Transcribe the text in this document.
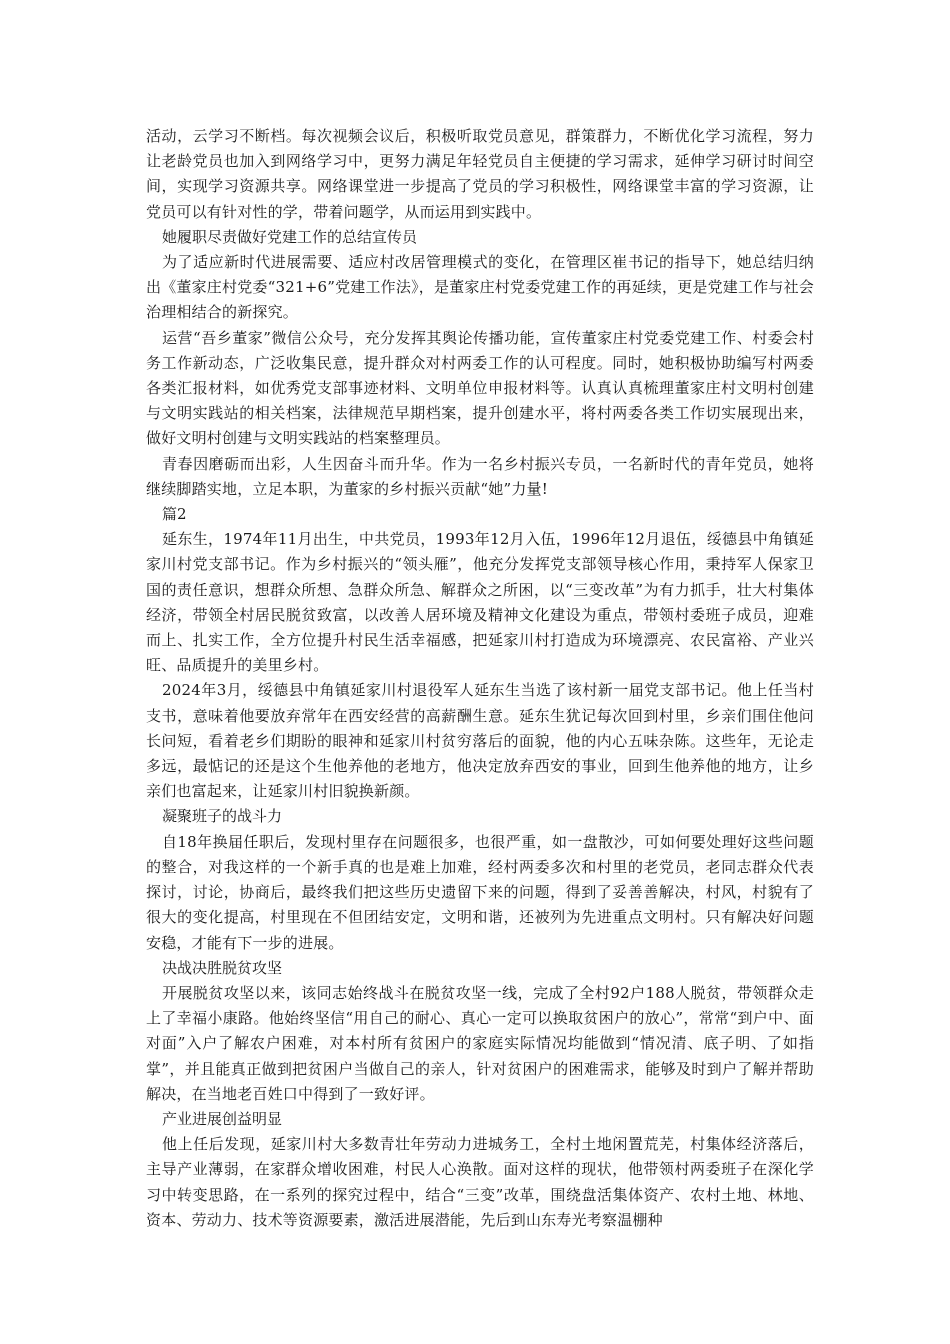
活动，云学习不断档。每次视频会议后，积极听取党员意见，群策群力，不断优化学习流程，努力让老龄党员也加入到网络学习中，更努力满足年轻党员自主便捷的学习需求，延伸学习研讨时间空间，实现学习资源共享。网络课堂进一步提高了党员的学习积极性，网络课堂丰富的学习资源，让党员可以有针对性的学，带着问题学，从而运用到实践中。

她履职尽责做好党建工作的总结宣传员

为了适应新时代进展需要、适应村改居管理模式的变化，在管理区崔书记的指导下，她总结归纳出《董家庄村党委“321+6”党建工作法》，是董家庄村党委党建工作的再延续，更是党建工作与社会治理相结合的新探究。

运营“吾乡董家”微信公众号，充分发挥其舆论传播功能，宣传董家庄村党委党建工作、村委会村务工作新动态，广泛收集民意，提升群众对村两委工作的认可程度。同时，她积极协助编写村两委各类汇报材料，如优秀党支部事迹材料、文明单位申报材料等。认真认真梳理董家庄村文明村创建与文明实践站的相关档案，法律规范早期档案，提升创建水平，将村两委各类工作切实展现出来，做好文明村创建与文明实践站的档案整理员。

青春因磨砺而出彩，人生因奋斗而升华。作为一名乡村振兴专员，一名新时代的青年党员，她将继续脚踏实地，立足本职，为董家的乡村振兴贡献“她”力量!

篇2

延东生，1974年11月出生，中共党员，1993年12月入伍，1996年12月退伍，绥德县中角镇延家川村党支部书记。作为乡村振兴的“领头雁”，他充分发挥党支部领导核心作用，秉持军人保家卫国的责任意识，想群众所想、急群众所急、解群众之所困，以“三变改革”为有力抓手，壮大村集体经济，带领全村居民脱贫致富，以改善人居环境及精神文化建设为重点，带领村委班子成员，迎难而上、扎实工作，全方位提升村民生活幸福感，把延家川村打造成为环境漂亮、农民富裕、产业兴旺、品质提升的美里乡村。

2024年3月，绥德县中角镇延家川村退役军人延东生当选了该村新一届党支部书记。他上任当村支书，意味着他要放弃常年在西安经营的高薪酬生意。延东生犹记每次回到村里，乡亲们围住他问长问短，看着老乡们期盼的眼神和延家川村贫穷落后的面貌，他的内心五味杂陈。这些年，无论走多远，最惦记的还是这个生他养他的老地方，他决定放弃西安的事业，回到生他养他的地方，让乡亲们也富起来，让延家川村旧貌换新颜。

凝聚班子的战斗力

自18年换届任职后，发现村里存在问题很多，也很严重，如一盘散沙，可如何要处理好这些问题的整合，对我这样的一个新手真的也是难上加难，经村两委多次和村里的老党员，老同志群众代表探讨，讨论，协商后，最终我们把这些历史遗留下来的问题，得到了妥善善解决，村风，村貌有了很大的变化提高，村里现在不但团结安定，文明和谐，还被列为先进重点文明村。只有解决好问题安稳，才能有下一步的进展。

决战决胜脱贫攻坚

开展脱贫攻坚以来，该同志始终战斗在脱贫攻坚一线，完成了全村92户188人脱贫，带领群众走上了幸福小康路。他始终坚信“用自己的耐心、真心一定可以换取贫困户的放心”，常常“到户中、面对面”入户了解农户困难，对本村所有贫困户的家庭实际情况均能做到“情况清、底子明、了如指掌”，并且能真正做到把贫困户当做自己的亲人，针对贫困户的困难需求，能够及时到户了解并帮助解决，在当地老百姓口中得到了一致好评。

产业进展创益明显

他上任后发现，延家川村大多数青壮年劳动力进城务工，全村土地闲置荒芜，村集体经济落后，主导产业薄弱，在家群众增收困难，村民人心涣散。面对这样的现状，他带领村两委班子在深化学习中转变思路，在一系列的探究过程中，结合“三变”改革，围绕盘活集体资产、农村土地、林地、资本、劳动力、技术等资源要素，激活进展潜能，先后到山东寿光考察温棚种
